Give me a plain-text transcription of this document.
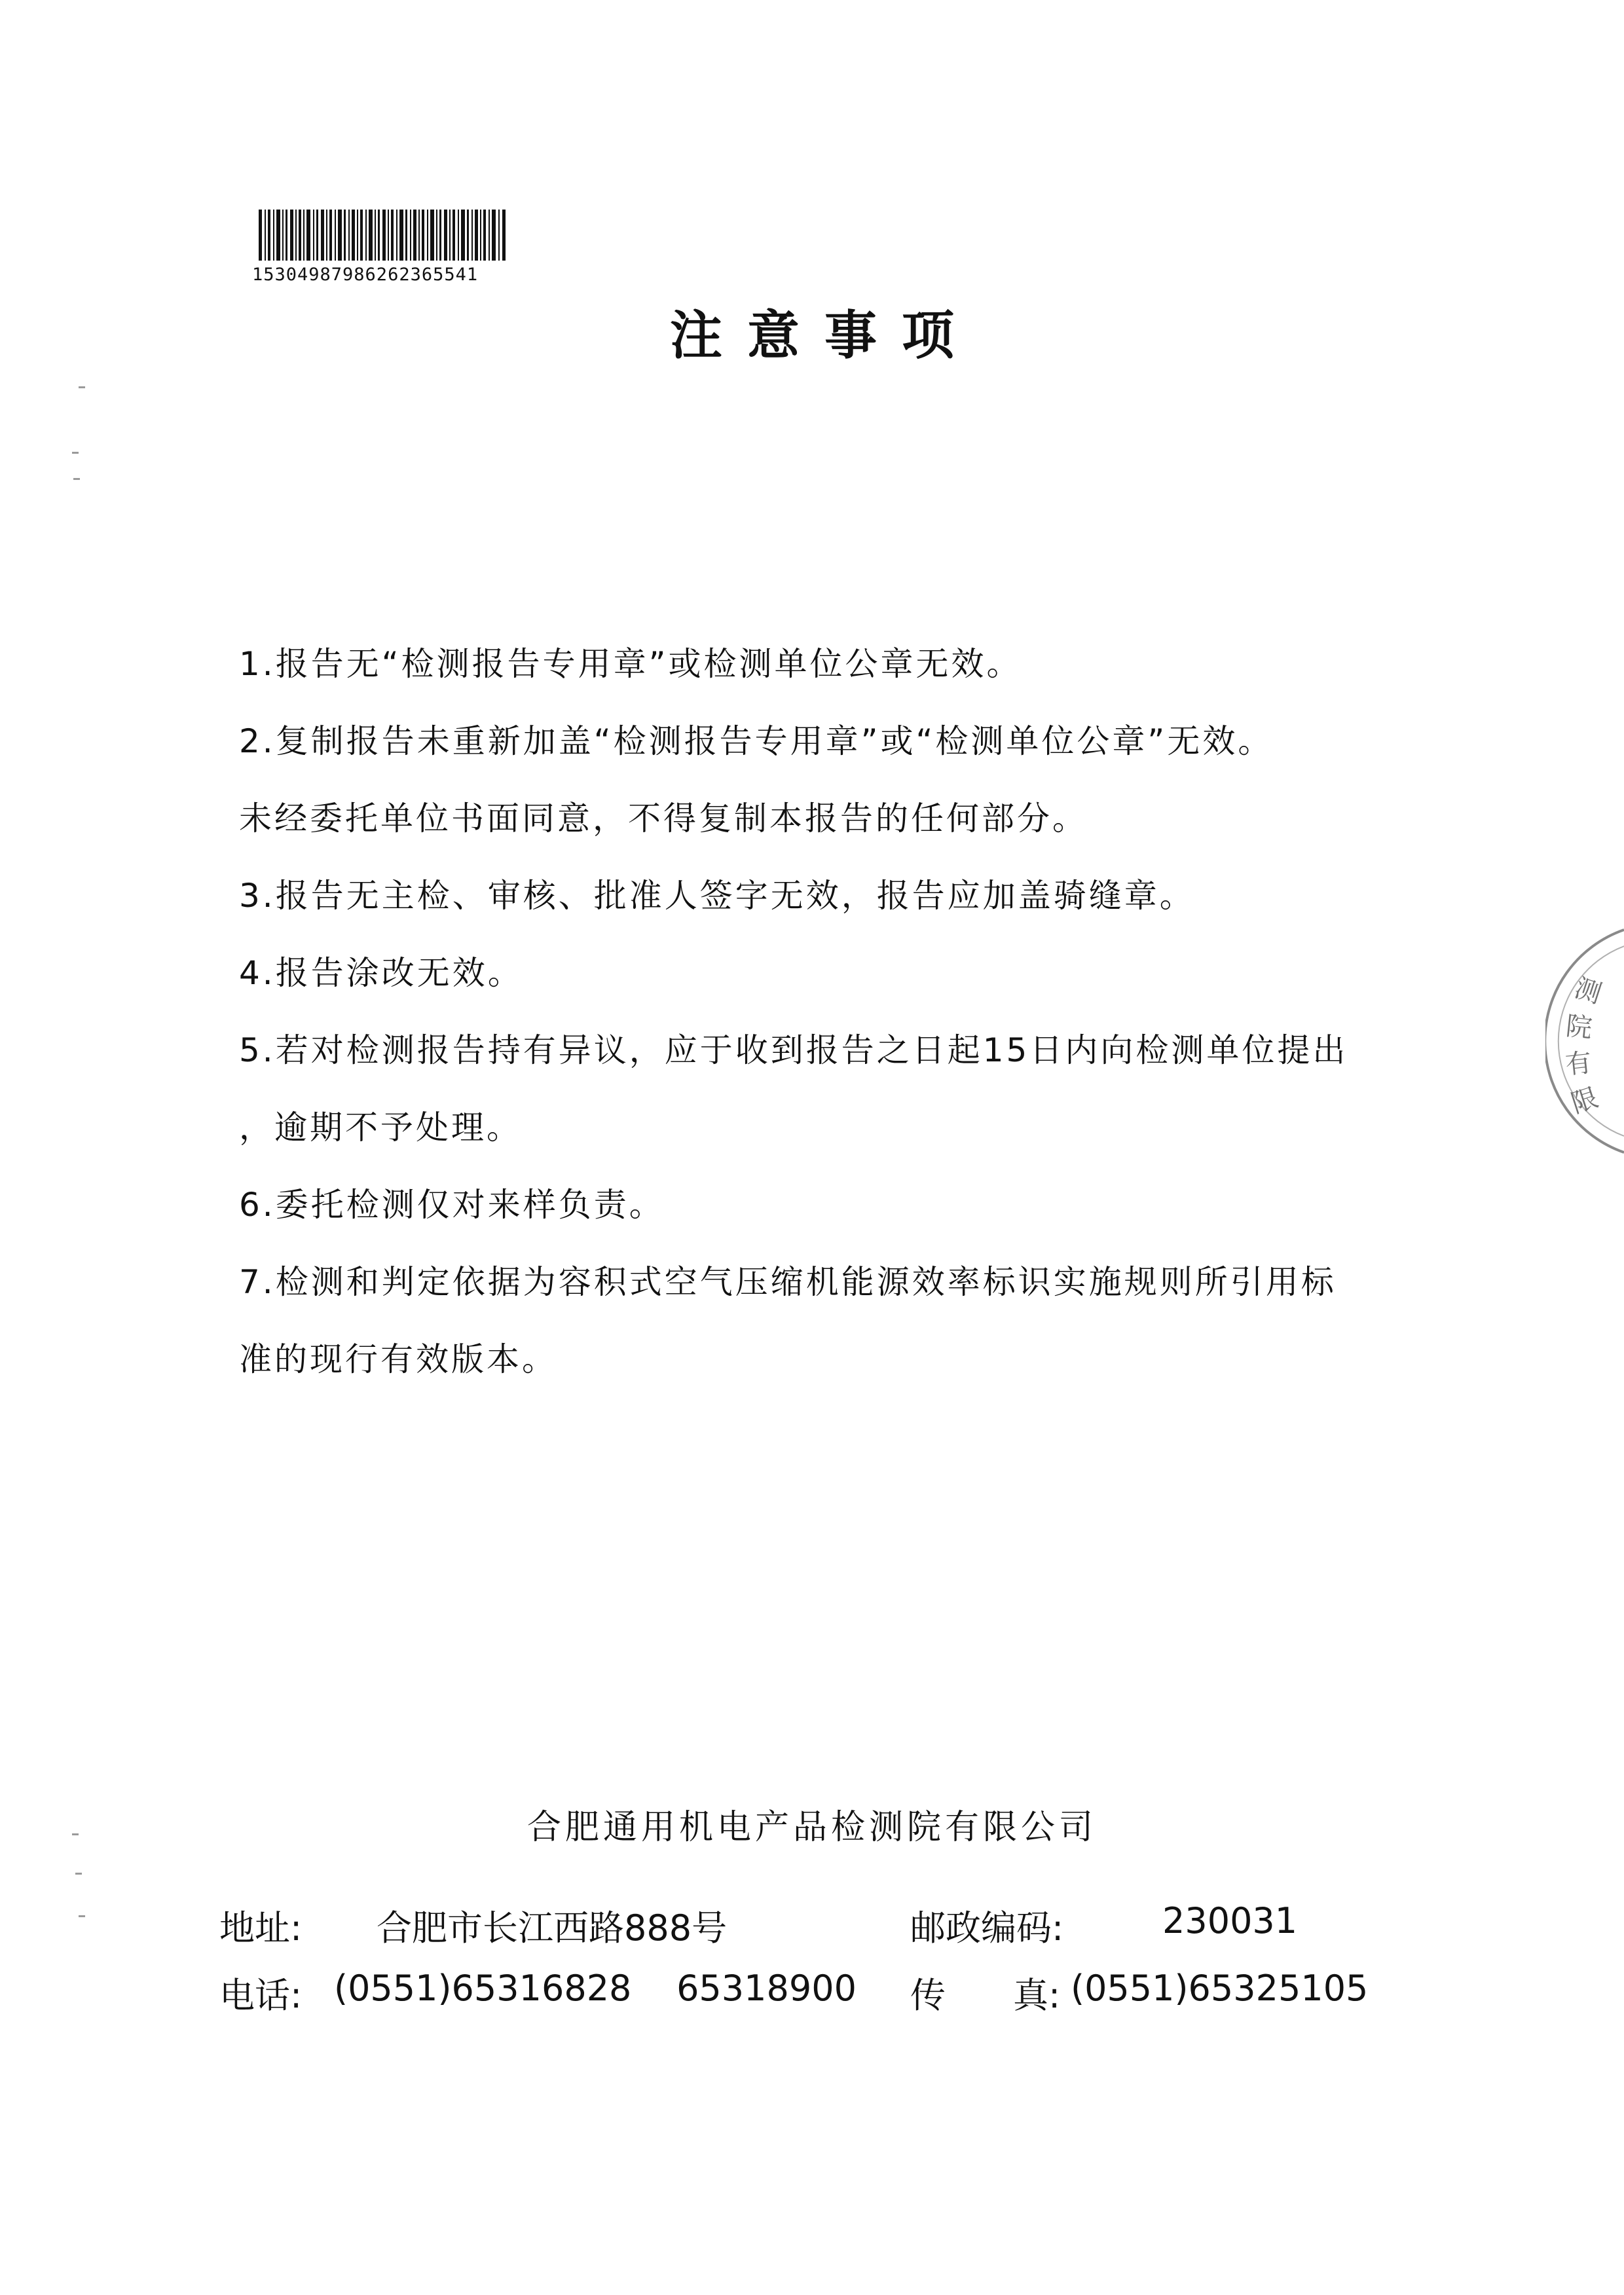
15304987986262365541
注意事项
1.报告无“检测报告专用章”或检测单位公章无效。
2.复制报告未重新加盖“检测报告专用章”或“检测单位公章”无效。
未经委托单位书面同意，不得复制本报告的任何部分。
3.报告无主检、审核、批准人签字无效，报告应加盖骑缝章。
4.报告涂改无效。
5.若对检测报告持有异议，应于收到报告之日起15日内向检测单位提出
，逾期不予处理。
6.委托检测仅对来样负责。
7.检测和判定依据为容积式空气压缩机能源效率标识实施规则所引用标
准的现行有效版本。
合肥通用机电产品检测院有限公司
地址: 合肥市长江西路888号	邮政编码:	230031
电话: (0551)65316828    65318900 传      真: (0551)65325105
测
院
有
限
